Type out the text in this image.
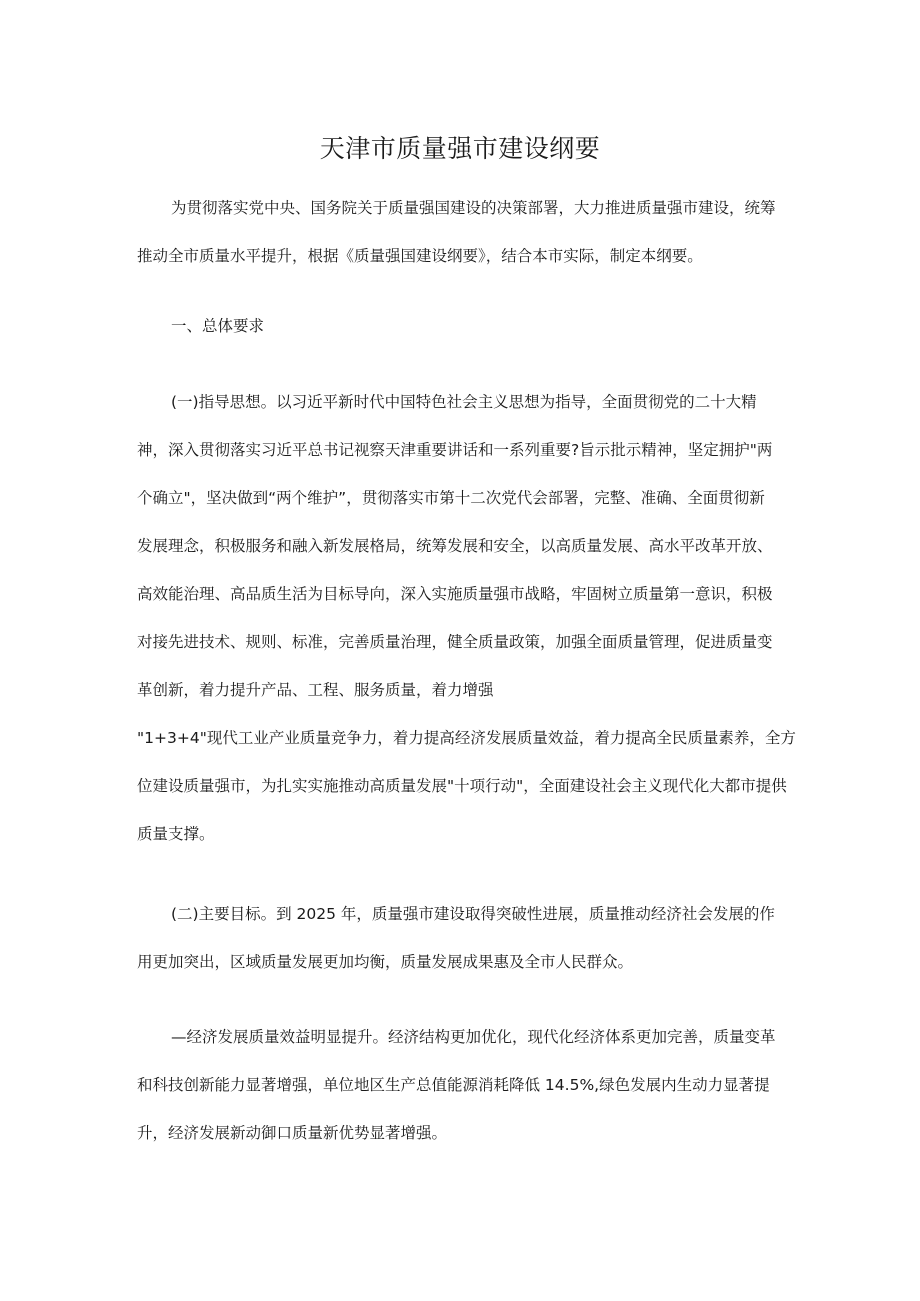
天津市质量强市建设纲要
为贯彻落实党中央、国务院关于质量强国建设的决策部署，大力推进质量强市建设，统筹
推动全市质量水平提升，根据《质量强国建设纲要》，结合本市实际，制定本纲要。
一、总体要求
(一)指导思想。以习近平新时代中国特色社会主义思想为指导，全面贯彻党的二十大精
神，深入贯彻落实习近平总书记视察天津重要讲话和一系列重要?旨示批示精神，坚定拥护"两
个确立"，坚决做到“两个维护”，贯彻落实市第十二次党代会部署，完整、准确、全面贯彻新
发展理念，积极服务和融入新发展格局，统筹发展和安全，以高质量发展、高水平改革开放、
高效能治理、高品质生活为目标导向，深入实施质量强市战略，牢固树立质量第一意识，积极
对接先进技术、规则、标准，完善质量治理，健全质量政策，加强全面质量管理，促进质量变
革创新，着力提升产品、工程、服务质量，着力增强
"1+3+4"现代工业产业质量竞争力，着力提高经济发展质量效益，着力提高全民质量素养，全方
位建设质量强市，为扎实实施推动高质量发展"十项行动"，全面建设社会主义现代化大都市提供
质量支撑。
(二)主要目标。到 2025 年，质量强市建设取得突破性进展，质量推动经济社会发展的作
用更加突出，区域质量发展更加均衡，质量发展成果惠及全市人民群众。
—经济发展质量效益明显提升。经济结构更加优化，现代化经济体系更加完善，质量变革
和科技创新能力显著增强，单位地区生产总值能源消耗降低 14.5%,绿色发展内生动力显著提
升，经济发展新动御口质量新优势显著增强。
